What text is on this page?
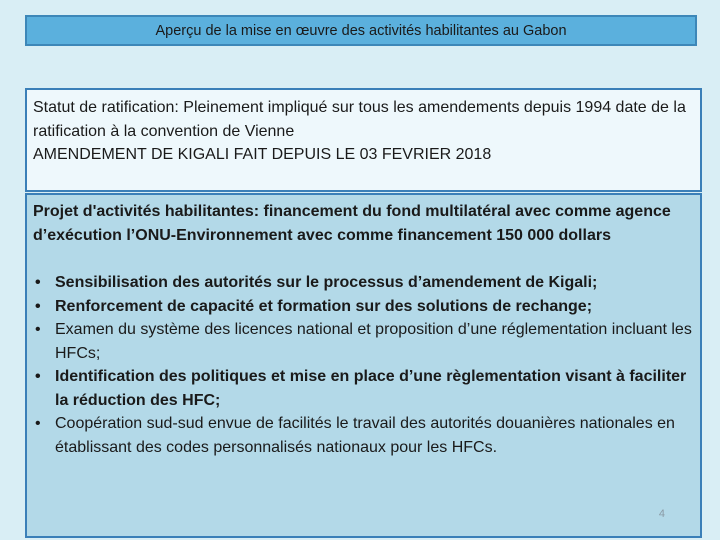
Aperçu de la mise en œuvre des activités habilitantes au Gabon

Statut de ratification: Pleinement impliqué sur tous les amendements depuis 1994 date de la ratification à la convention de Vienne

AMENDEMENT DE KIGALI FAIT DEPUIS LE 03 FEVRIER 2018

Projet d'activités habilitantes: financement du fond multilatéral avec comme agence d’exécution l’ONU-Environnement avec comme financement 150 000 dollars

• Sensibilisation des autorités sur le processus d’amendement de Kigali;
• Renforcement de capacité et formation sur des solutions de rechange;
• Examen du système des licences national et proposition d’une réglementation incluant les HFCs;
• Identification des politiques et mise en place d’une règlementation visant à faciliter la réduction des HFC;
• Coopération sud-sud envue de facilités le travail des autorités douanières nationales en établissant des codes personnalisés nationaux pour les HFCs.
4
